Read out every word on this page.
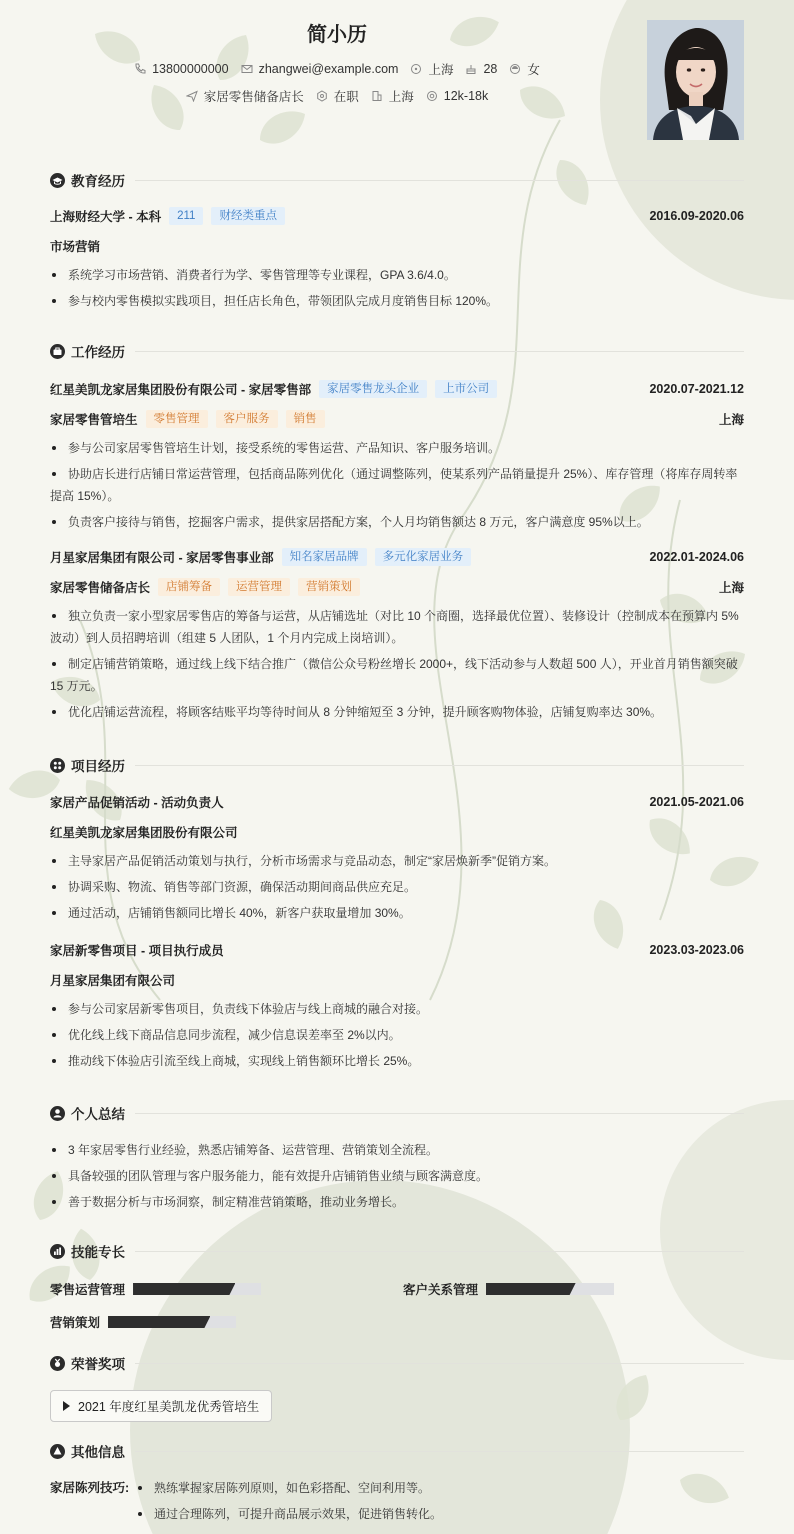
简小历
13800000000 zhangwei@example.com 上海 28 女
家居零售储备店长 在职 上海 12k-18k
教育经历
上海财经大学 - 本科	211	财经类重点	2016.09-2020.06
市场营销
系统学习市场营销、消费者行为学、零售管理等专业课程，GPA 3.6/4.0。
参与校内零售模拟实践项目，担任店长角色，带领团队完成月度销售目标 120%。
工作经历
红星美凯龙家居集团股份有限公司 - 家居零售部	家居零售龙头企业	上市公司	2020.07-2021.12
家居零售管培生	零售管理	客户服务	销售	上海
参与公司家居零售管培生计划，接受系统的零售运营、产品知识、客户服务培训。
协助店长进行店铺日常运营管理，包括商品陈列优化（通过调整陈列，使某系列产品销量提升 25%）、库存管理（将库存周转率
提高 15%）。
负责客户接待与销售，挖掘客户需求，提供家居搭配方案，个人月均销售额达 8 万元，客户满意度 95%以上。
月星家居集团有限公司 - 家居零售事业部	知名家居品牌	多元化家居业务	2022.01-2024.06
家居零售储备店长	店铺筹备	运营管理	营销策划	上海
独立负责一家小型家居零售店的筹备与运营，从店铺选址（对比 10 个商圈，选择最优位置）、装修设计（控制成本在预算内 5%
波动）到人员招聘培训（组建 5 人团队，1 个月内完成上岗培训）。
制定店铺营销策略，通过线上线下结合推广（微信公众号粉丝增长 2000+，线下活动参与人数超 500 人），开业首月销售额突破
15 万元。
优化店铺运营流程，将顾客结账平均等待时间从 8 分钟缩短至 3 分钟，提升顾客购物体验，店铺复购率达 30%。
项目经历
家居产品促销活动 - 活动负责人	2021.05-2021.06
红星美凯龙家居集团股份有限公司
主导家居产品促销活动策划与执行，分析市场需求与竞品动态，制定“家居焕新季”促销方案。
协调采购、物流、销售等部门资源，确保活动期间商品供应充足。
通过活动，店铺销售额同比增长 40%，新客户获取量增加 30%。
家居新零售项目 - 项目执行成员	2023.03-2023.06
月星家居集团有限公司
参与公司家居新零售项目，负责线下体验店与线上商城的融合对接。
优化线上线下商品信息同步流程，减少信息误差率至 2%以内。
推动线下体验店引流至线上商城，实现线上销售额环比增长 25%。
个人总结
3 年家居零售行业经验，熟悉店铺筹备、运营管理、营销策划全流程。
具备较强的团队管理与客户服务能力，能有效提升店铺销售业绩与顾客满意度。
善于数据分析与市场洞察，制定精准营销策略，推动业务增长。
技能专长
零售运营管理	客户关系管理
营销策划
荣誉奖项
2021 年度红星美凯龙优秀管培生
其他信息
家居陈列技巧:	熟练掌握家居陈列原则，如色彩搭配、空间利用等。
通过合理陈列，可提升商品展示效果，促进销售转化。
